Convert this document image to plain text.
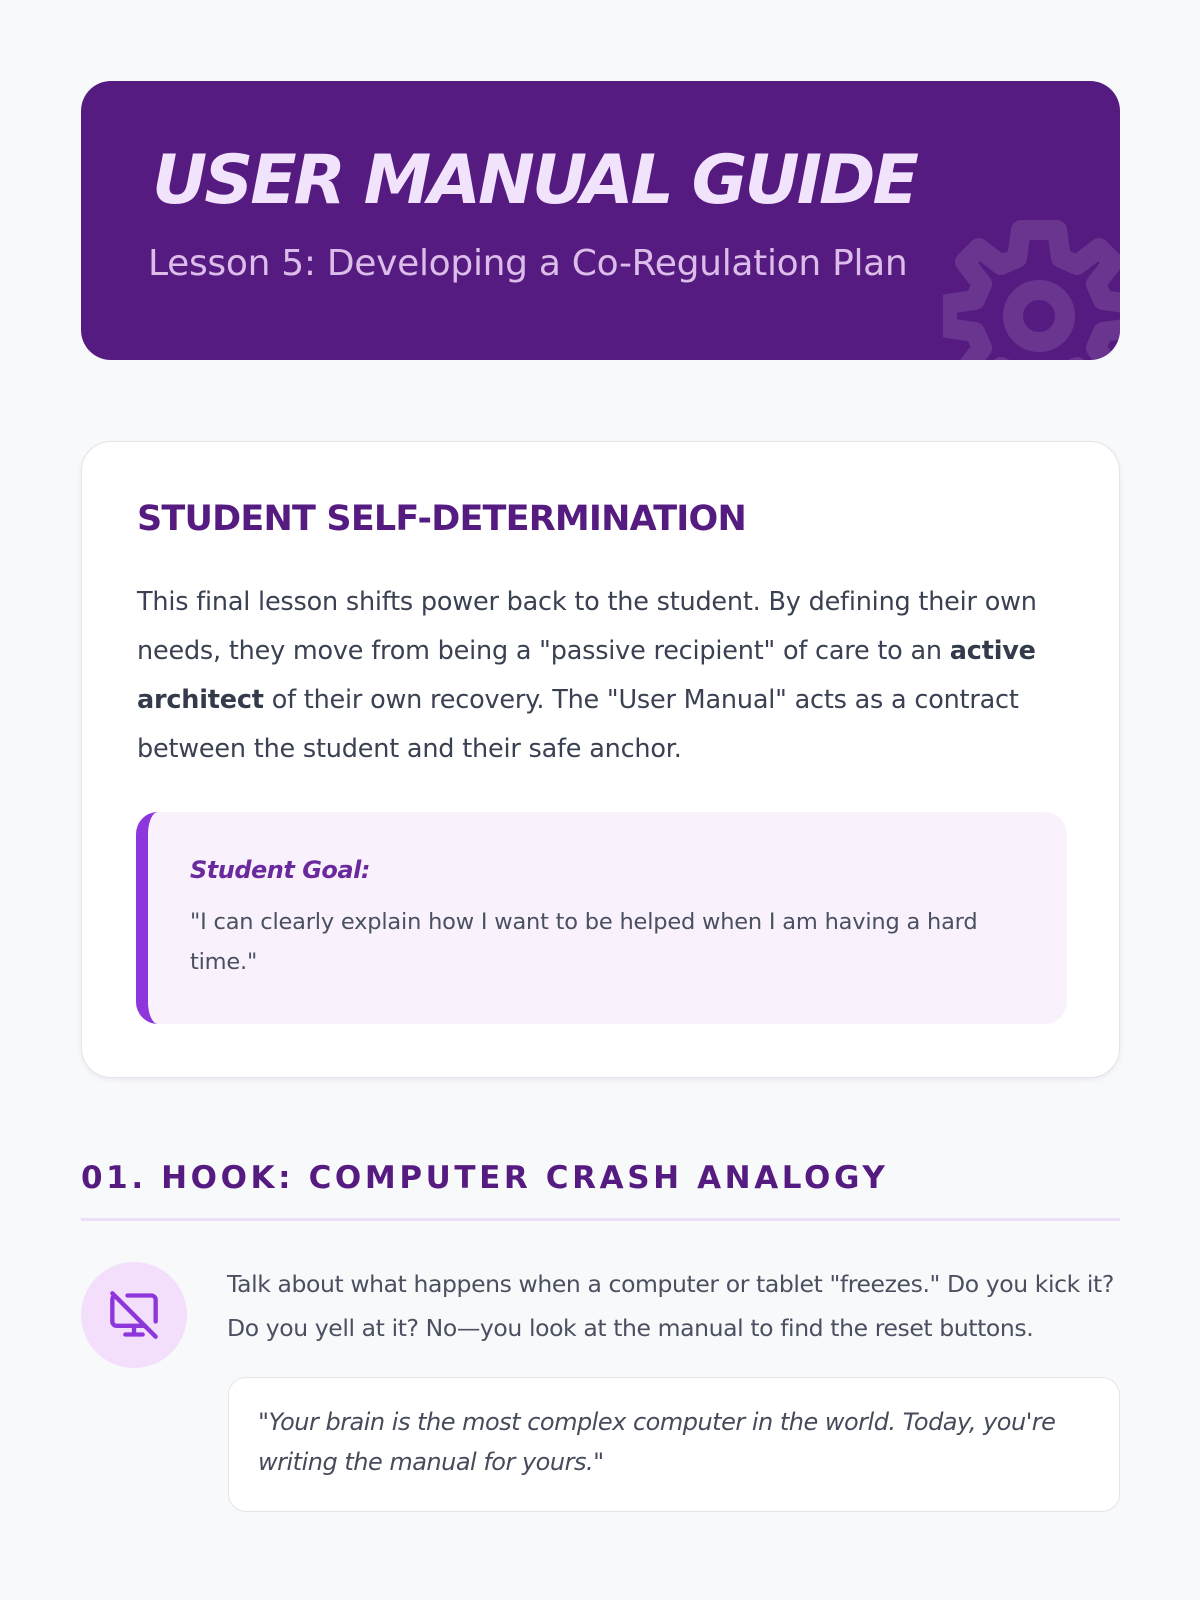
USER MANUAL GUIDE

Lesson 5: Developing a Co-Regulation Plan

STUDENT SELF-DETERMINATION

This final lesson shifts power back to the student. By defining their own needs, they move from being a "passive recipient" of care to an active architect of their own recovery. The "User Manual" acts as a contract between the student and their safe anchor.

Student Goal:

"I can clearly explain how I want to be helped when I am having a hard time."

01. HOOK: COMPUTER CRASH ANALOGY

Talk about what happens when a computer or tablet "freezes." Do you kick it? Do you yell at it? No—you look at the manual to find the reset buttons.

"Your brain is the most complex computer in the world. Today, you're writing the manual for yours."
